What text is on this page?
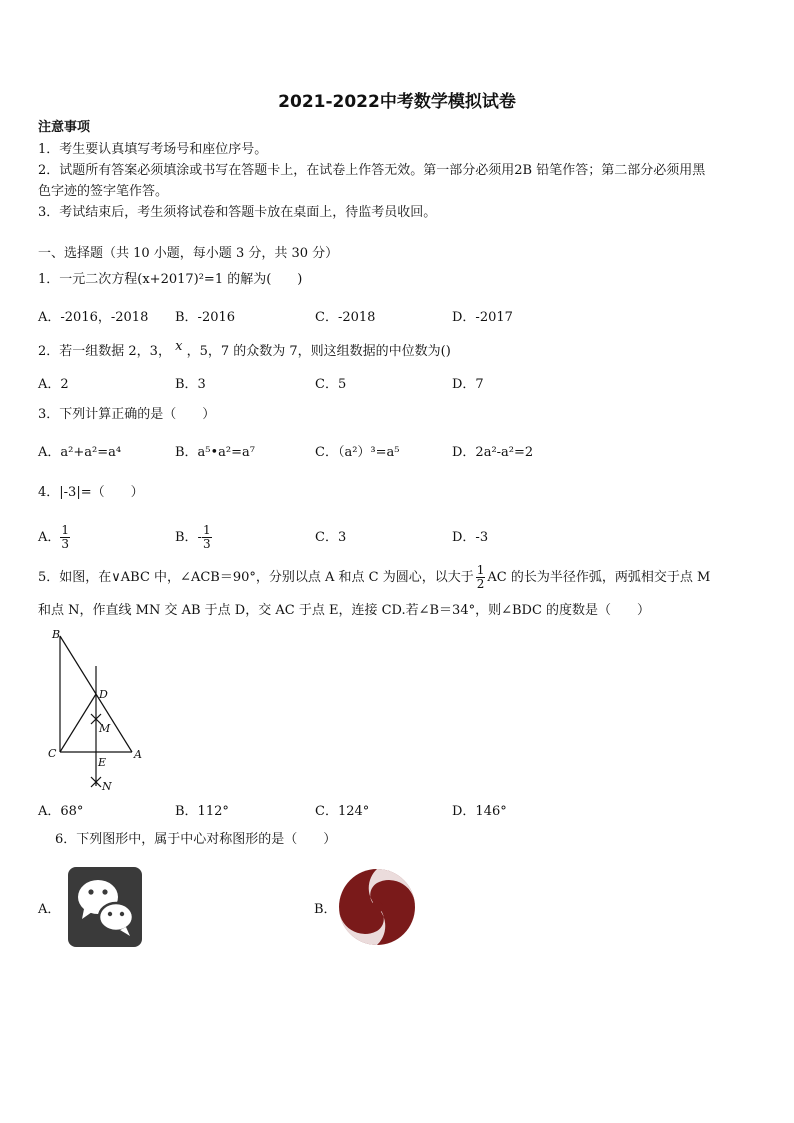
2021-2022中考数学模拟试卷
注意事项
1．考生要认真填写考场号和座位序号。
2．试题所有答案必须填涂或书写在答题卡上，在试卷上作答无效。第一部分必须用2B 铅笔作答；第二部分必须用黑
色字迹的签字笔作答。
3．考试结束后，考生须将试卷和答题卡放在桌面上，待监考员收回。
一、选择题（共 10 小题，每小题 3 分，共 30 分）
1．一元二次方程(x+2017)²=1 的解为(　　)
A．-2016，-2018 B．-2016	C．-2018	D．-2017
2．若一组数据 2，3， x ，5，7 的众数为 7，则这组数据的中位数为()
A．2	B．3	C．5	D．7
3．下列计算正确的是（　　）
A．a²+a²=a⁴	B．a⁵•a²=a⁷	C．（a²）³=a⁵	D．2a²-a²=2
4．|-3|=（　　）
A． $\frac{1}{3}$	B．- $\frac{1}{3}$	C．3	D．-3
5．如图，在∨ABC 中，∠ACB＝90°，分别以点 A 和点 C 为圆心，以大于 $\frac{1}{2}$ AC 的长为半径作弧，两弧相交于点 M
和点 N，作直线 MN 交 AB 于点 D，交 AC 于点 E，连接 CD.若∠B＝34°，则∠BDC 的度数是（　　）
B
D
M
C
E
A
N
A．68°	B．112°	C．124°	D．146°
6．下列图形中，属于中心对称图形的是（　　）
A．	B．
